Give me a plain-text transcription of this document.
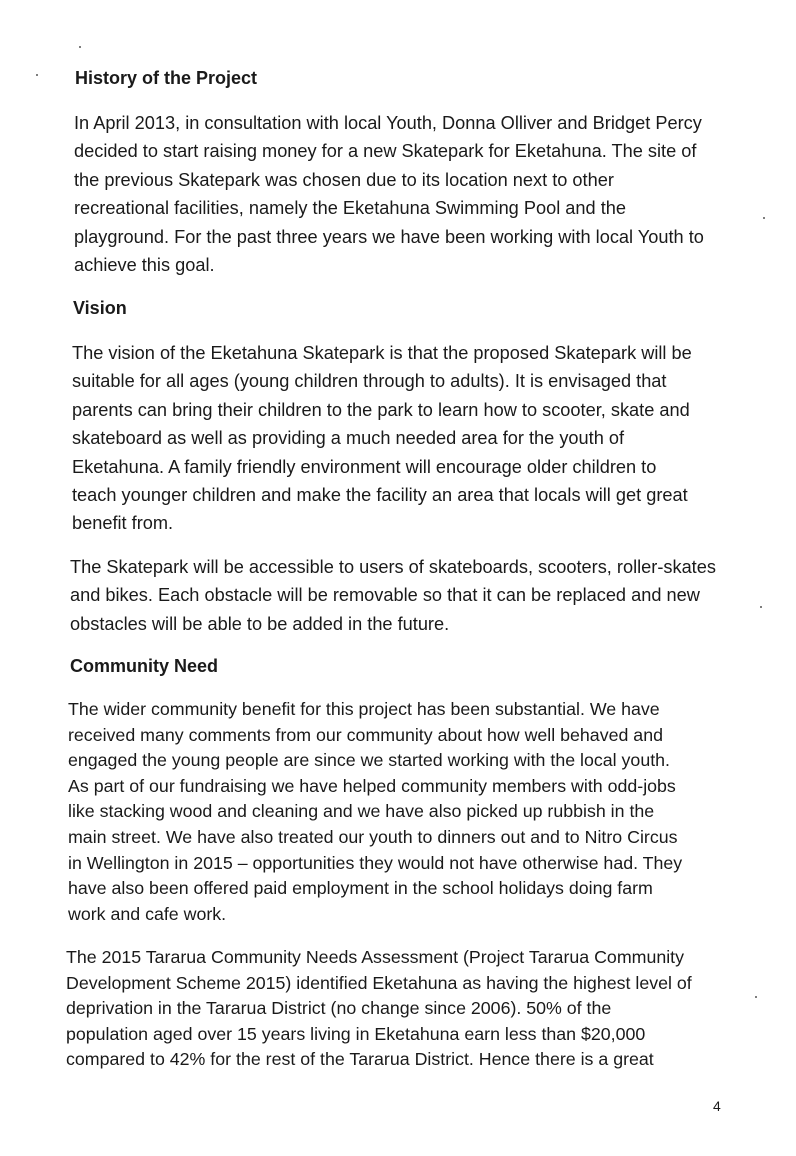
History of the Project

In April 2013, in consultation with local Youth, Donna Olliver and Bridget Percy
decided to start raising money for a new Skatepark for Eketahuna. The site of
the previous Skatepark was chosen due to its location next to other
recreational facilities, namely the Eketahuna Swimming Pool and the
playground. For the past three years we have been working with local Youth to
achieve this goal.

Vision

The vision of the Eketahuna Skatepark is that the proposed Skatepark will be
suitable for all ages (young children through to adults). It is envisaged that
parents can bring their children to the park to learn how to scooter, skate and
skateboard as well as providing a much needed area for the youth of
Eketahuna. A family friendly environment will encourage older children to
teach younger children and make the facility an area that locals will get great
benefit from.

The Skatepark will be accessible to users of skateboards, scooters, roller-skates
and bikes. Each obstacle will be removable so that it can be replaced and new
obstacles will be able to be added in the future.

Community Need

The wider community benefit for this project has been substantial. We have
received many comments from our community about how well behaved and
engaged the young people are since we started working with the local youth.
As part of our fundraising we have helped community members with odd-jobs
like stacking wood and cleaning and we have also picked up rubbish in the
main street. We have also treated our youth to dinners out and to Nitro Circus
in Wellington in 2015 – opportunities they would not have otherwise had. They
have also been offered paid employment in the school holidays doing farm
work and cafe work.

The 2015 Tararua Community Needs Assessment (Project Tararua Community
Development Scheme 2015) identified Eketahuna as having the highest level of
deprivation in the Tararua District (no change since 2006). 50% of the
population aged over 15 years living in Eketahuna earn less than $20,000
compared to 42% for the rest of the Tararua District. Hence there is a great

4
